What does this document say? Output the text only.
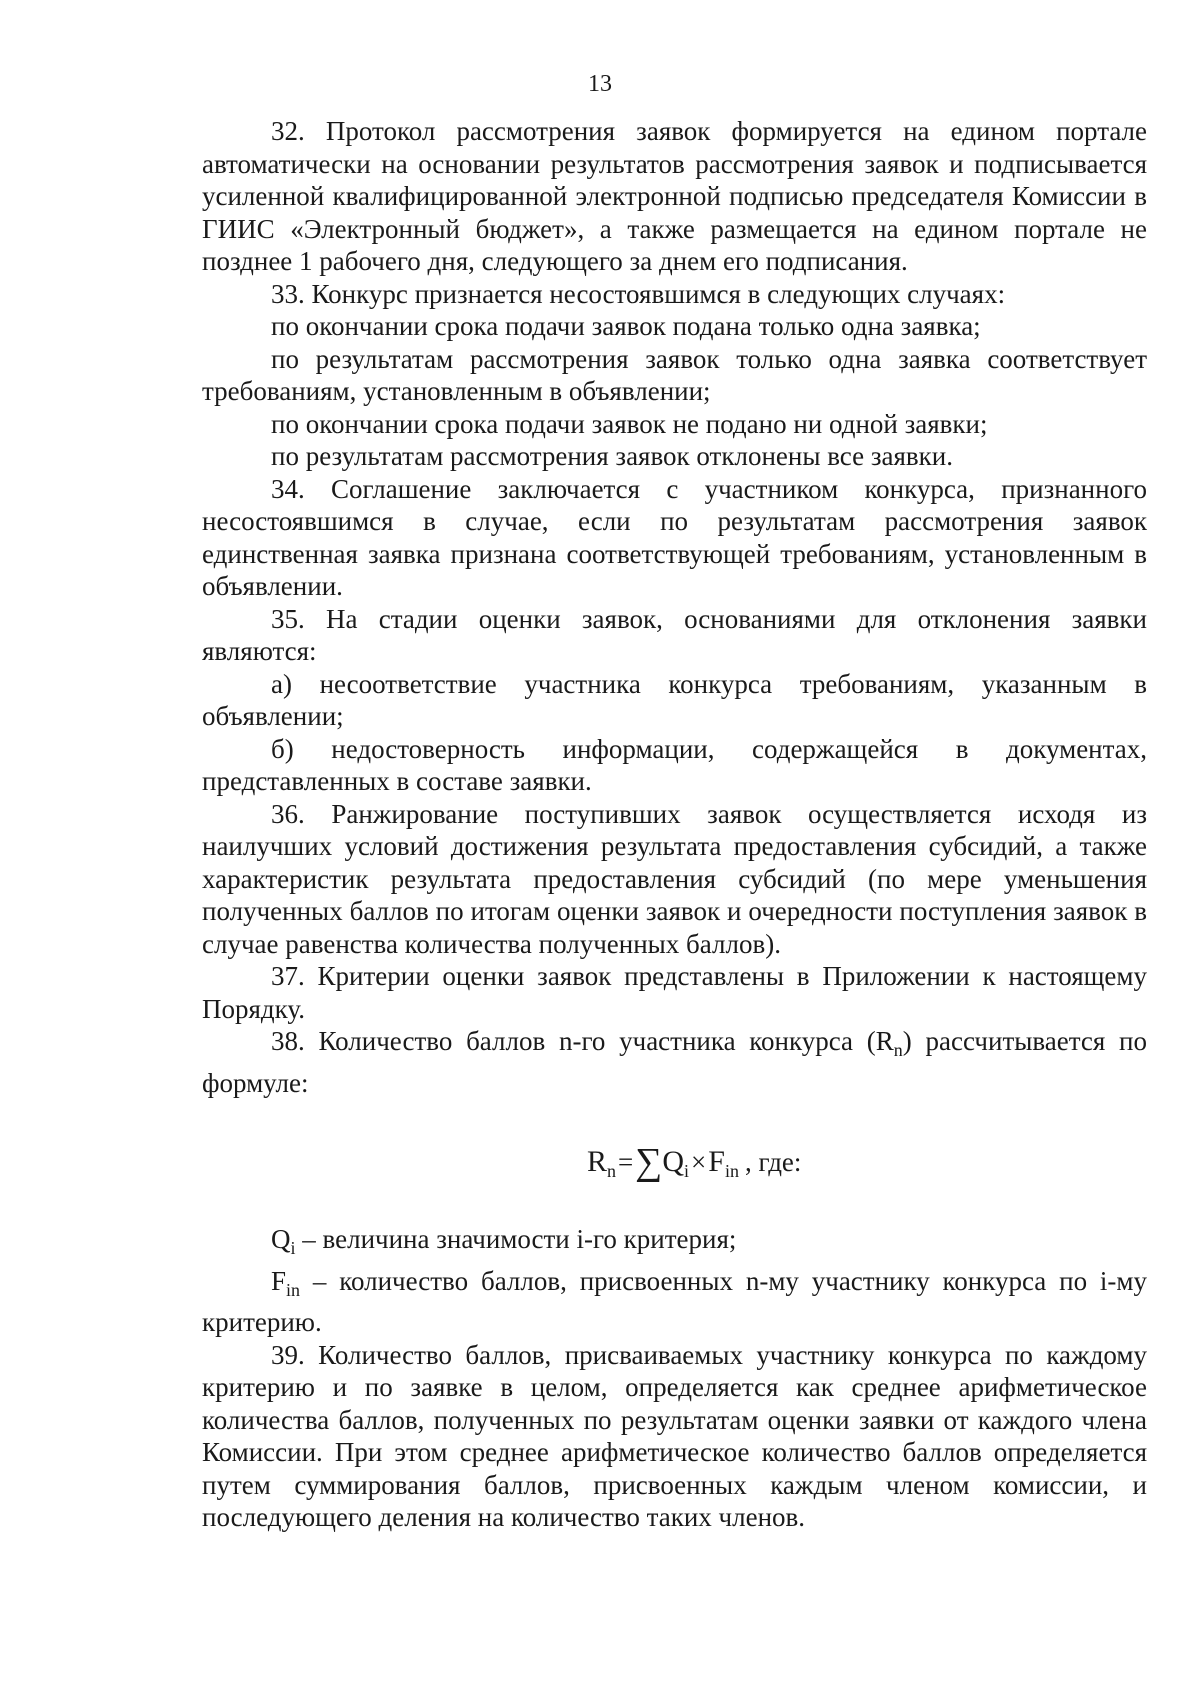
13

32. Протокол рассмотрения заявок формируется на едином портале автоматически на основании результатов рассмотрения заявок и подписывается усиленной квалифицированной электронной подписью председателя Комиссии в ГИИС «Электронный бюджет», а также размещается на едином портале не позднее 1 рабочего дня, следующего за днем его подписания.

33. Конкурс признается несостоявшимся в следующих случаях:

по окончании срока подачи заявок подана только одна заявка;

по результатам рассмотрения заявок только одна заявка соответствует требованиям, установленным в объявлении;

по окончании срока подачи заявок не подано ни одной заявки;

по результатам рассмотрения заявок отклонены все заявки.

34. Соглашение заключается с участником конкурса, признанного несостоявшимся в случае, если по результатам рассмотрения заявок единственная заявка признана соответствующей требованиям, установленным в объявлении.

35. На стадии оценки заявок, основаниями для отклонения заявки являются:

а) несоответствие участника конкурса требованиям, указанным в объявлении;

б) недостоверность информации, содержащейся в документах, представленных в составе заявки.

36. Ранжирование поступивших заявок осуществляется исходя из наилучших условий достижения результата предоставления субсидий, а также характеристик результата предоставления субсидий (по мере уменьшения полученных баллов по итогам оценки заявок и очередности поступления заявок в случае равенства количества полученных баллов).

37. Критерии оценки заявок представлены в Приложении к настоящему Порядку.

38. Количество баллов n-го участника конкурса $(R_n)$ рассчитывается по формуле:

$R_n=\sum Q_i\times F_{in}$ , где:

$Q_i$ – величина значимости i-го критерия;

$F_{in}$ – количество баллов, присвоенных n-му участнику конкурса по i-му критерию.

39. Количество баллов, присваиваемых участнику конкурса по каждому критерию и по заявке в целом, определяется как среднее арифметическое количества баллов, полученных по результатам оценки заявки от каждого члена Комиссии. При этом среднее арифметическое количество баллов определяется путем суммирования баллов, присвоенных каждым членом комиссии, и последующего деления на количество таких членов.
